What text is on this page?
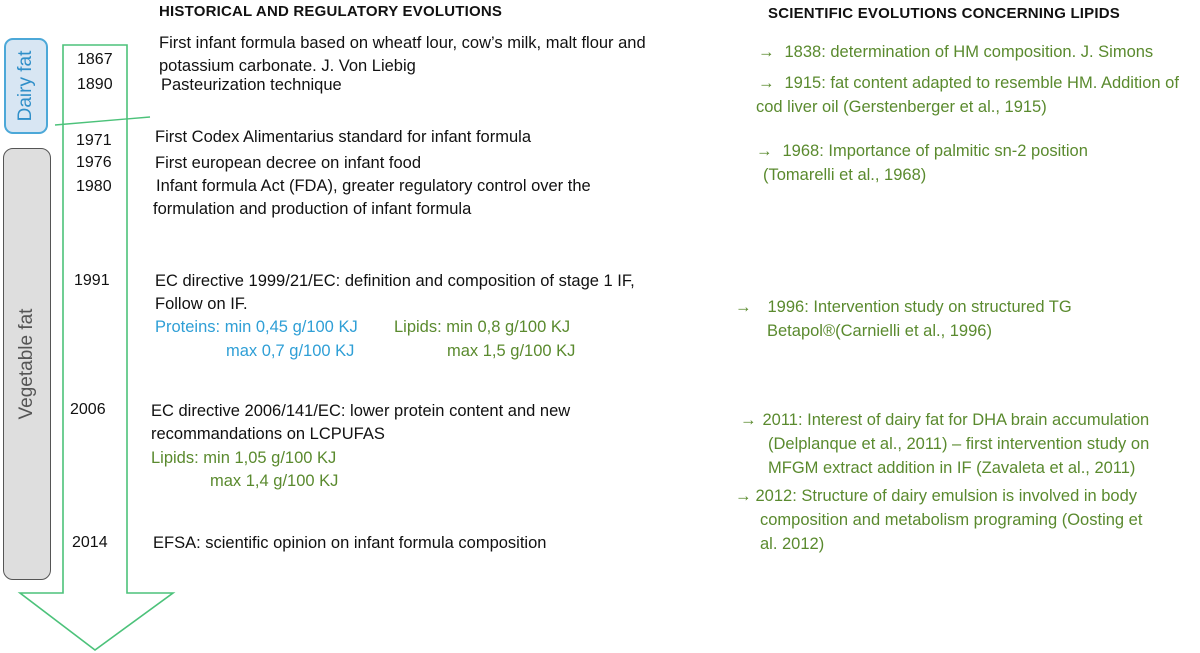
Dairy fat
Vegetable fat
HISTORICAL AND REGULATORY EVOLUTIONS	SCIENTIFIC EVOLUTIONS CONCERNING LIPIDS
1867
1890
1971
1976
1980
1991
2006
2014
First infant formula based on wheatf lour, cow’s milk, malt flour and
potassium carbonate. J. Von Liebig
Pasteurization technique
First Codex Alimentarius standard for infant formula
First european decree on infant food
Infant formula Act (FDA), greater regulatory control over the
formulation and production of infant formula
EC directive 1999/21/EC: definition and composition of stage 1 IF,
Follow on IF.
Proteins: min 0,45 g/100 KJ
max 0,7 g/100 KJ
Lipids: min 0,8 g/100 KJ
max 1,5 g/100 KJ
EC directive 2006/141/EC: lower protein content and new
recommandations on LCPUFAS
Lipids: min 1,05 g/100 KJ
max 1,4 g/100 KJ
EFSA: scientific opinion on infant formula composition
→ 1838: determination of HM composition. J. Simons
→ 1915: fat content adapted to resemble HM. Addition of
cod liver oil (Gerstenberger et al., 1915)
→ 1968: Importance of palmitic sn-2 position
(Tomarelli et al., 1968)
→ 1996: Intervention study on structured TG
Betapol®(Carnielli et al., 1996)
→ 2011: Interest of dairy fat for DHA brain accumulation
(Delplanque et al., 2011) – first intervention study on
MFGM extract addition in IF (Zavaleta et al., 2011)
→ 2012: Structure of dairy emulsion is involved in body
composition and metabolism programing (Oosting et
al. 2012)
